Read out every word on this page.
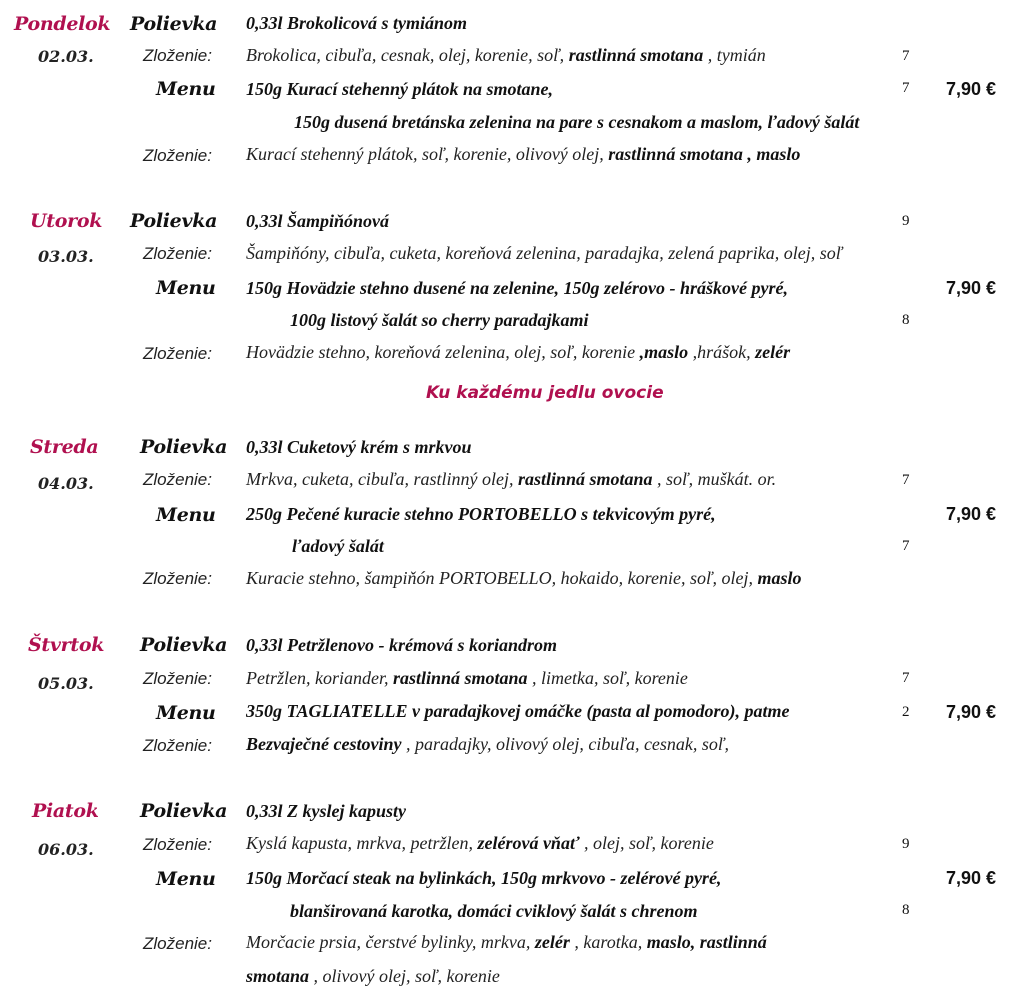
Pondelok Polievka 0,33l Brokolicová s tymiánom
02.03.	Zloženie: Brokolica, cibuľa, cesnak, olej, korenie, soľ, rastlinná smotana , tymián	7
Menu 150g Kurací stehenný plátok na smotane,	7 7,90 €
150g dusená bretánska zelenina na pare s cesnakom a maslom, ľadový šalát
Zloženie: Kurací stehenný plátok, soľ, korenie, olivový olej, rastlinná smotana , maslo
Utorok Polievka 0,33l Šampiňónová	9
03.03.	Zloženie: Šampiňóny, cibuľa, cuketa, koreňová zelenina, paradajka, zelená paprika, olej, soľ
Menu 150g Hovädzie stehno dusené na zelenine, 150g zelérovo - hráškové pyré,	7,90 €
100g listový šalát so cherry paradajkami	8
Zloženie: Hovädzie stehno, koreňová zelenina, olej, soľ, korenie ,maslo ,hrášok, zelér
Ku každému jedlu ovocie
Streda Polievka 0,33l Cuketový krém s mrkvou
04.03.	Zloženie: Mrkva, cuketa, cibuľa, rastlinný olej, rastlinná smotana , soľ, muškát. or.	7
Menu 250g Pečené kuracie stehno PORTOBELLO s tekvicovým pyré,	7,90 €
ľadový šalát	7
Zloženie: Kuracie stehno, šampiňón PORTOBELLO, hokaido, korenie, soľ, olej, maslo
Štvrtok Polievka 0,33l Petržlenovo - krémová s koriandrom
05.03.	Zloženie: Petržlen, koriander, rastlinná smotana , limetka, soľ, korenie	7
Menu 350g TAGLIATELLE v paradajkovej omáčke (pasta al pomodoro), patme	2 7,90 €
Zloženie: Bezvaječné cestoviny , paradajky, olivový olej, cibuľa, cesnak, soľ,
Piatok Polievka 0,33l Z kyslej kapusty
06.03.	Zloženie: Kyslá kapusta, mrkva, petržlen, zelérová vňať , olej, soľ, korenie	9
Menu 150g Morčací steak na bylinkách, 150g mrkvovo - zelérové pyré,	7,90 €
blanširovaná karotka, domáci cviklový šalát s chrenom	8
Zloženie: Morčacie prsia, čerstvé bylinky, mrkva, zelér , karotka, maslo, rastlinná
smotana , olivový olej, soľ, korenie
